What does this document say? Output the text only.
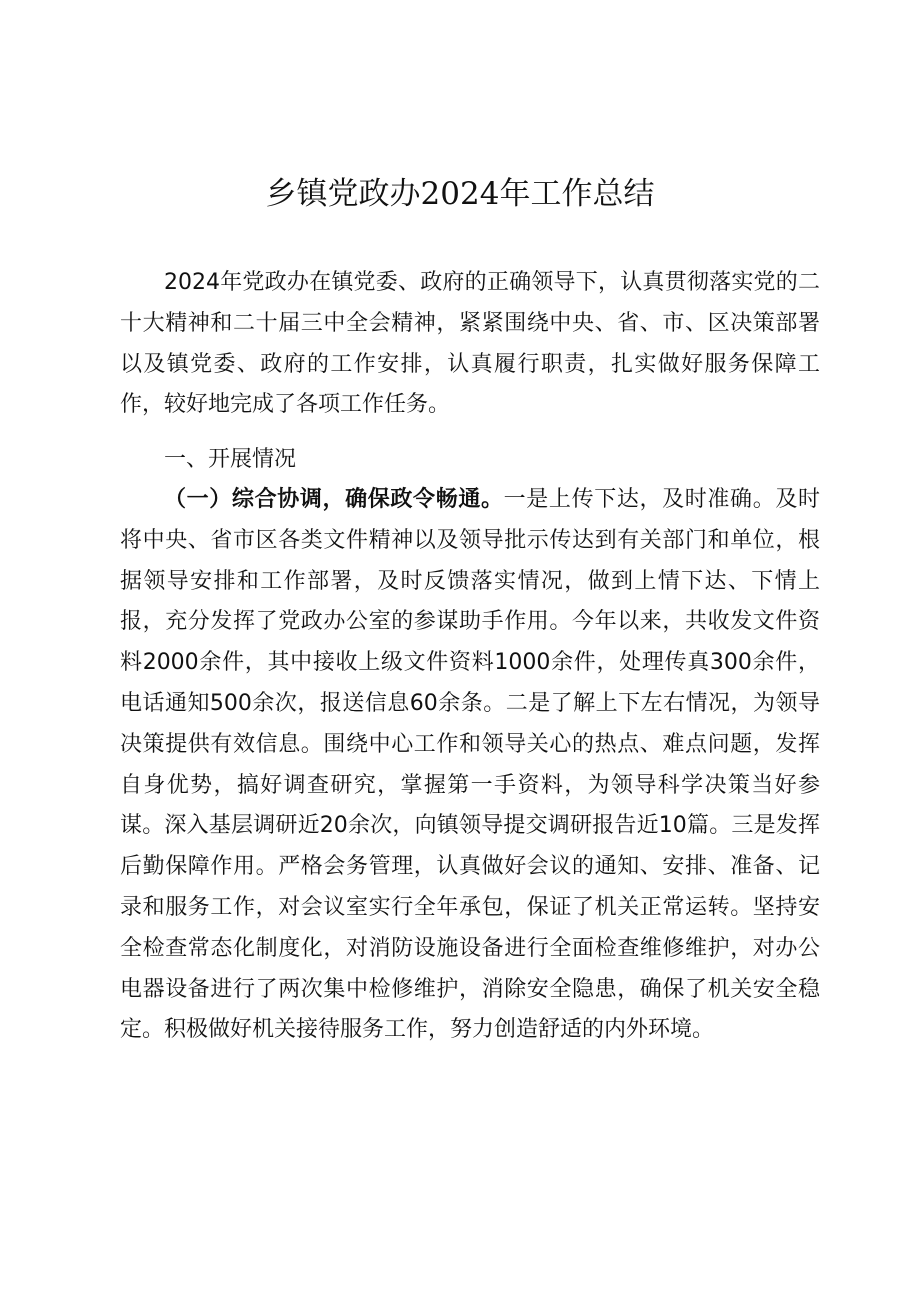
乡镇党政办2024年工作总结

2024年党政办在镇党委、政府的正确领导下，认真贯彻落实党的二十大精神和二十届三中全会精神，紧紧围绕中央、省、市、区决策部署以及镇党委、政府的工作安排，认真履行职责，扎实做好服务保障工作，较好地完成了各项工作任务。

一、开展情况

（一）综合协调，确保政令畅通。一是上传下达，及时准确。及时将中央、省市区各类文件精神以及领导批示传达到有关部门和单位，根据领导安排和工作部署，及时反馈落实情况，做到上情下达、下情上报，充分发挥了党政办公室的参谋助手作用。今年以来，共收发文件资料2000余件，其中接收上级文件资料1000余件，处理传真300余件，电话通知500余次，报送信息60余条。二是了解上下左右情况，为领导决策提供有效信息。围绕中心工作和领导关心的热点、难点问题，发挥自身优势，搞好调查研究，掌握第一手资料，为领导科学决策当好参谋。深入基层调研近20余次，向镇领导提交调研报告近10篇。三是发挥后勤保障作用。严格会务管理，认真做好会议的通知、安排、准备、记录和服务工作，对会议室实行全年承包，保证了机关正常运转。坚持安全检查常态化制度化，对消防设施设备进行全面检查维修维护，对办公电器设备进行了两次集中检修维护，消除安全隐患，确保了机关安全稳定。积极做好机关接待服务工作，努力创造舒适的内外环境。
